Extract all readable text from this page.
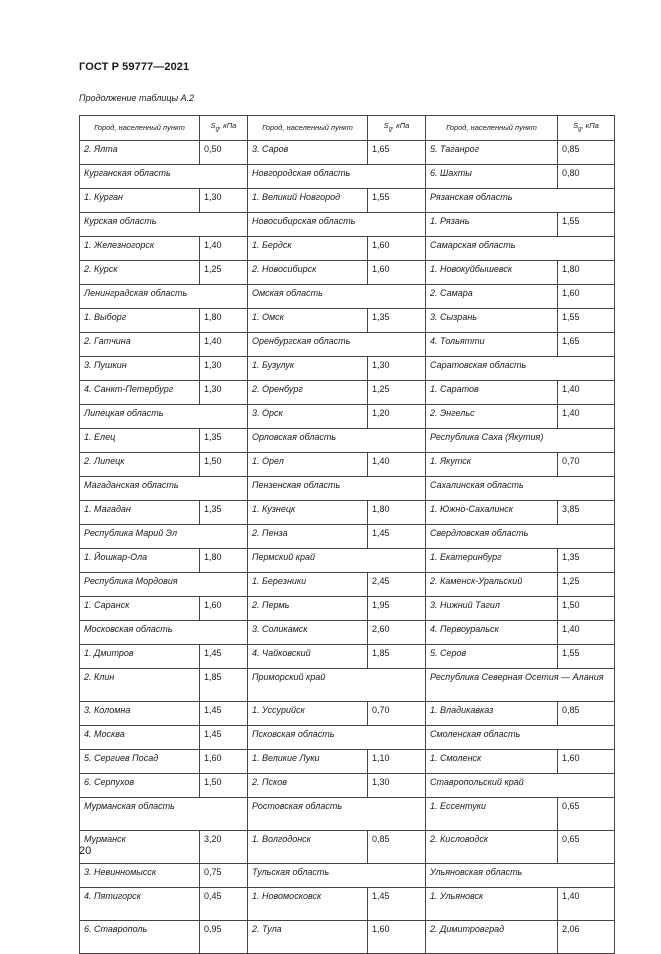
ГОСТ Р 59777—2021
Продолжение таблицы А.2
Город, населенный пункт	$S_g$, кПа	Город, населенный пункт	$S_g$, кПа	Город, населенный пункт	$S_g$, кПа
2. Ялта	0,50	3. Саров	1,65	5. Таганрог	0,85
Курганская область		Новгородская область		6. Шахты	0,80
1. Курган	1,30	1. Великий Новгород	1,55	Рязанская область	
Курская область		Новосибирская область		1. Рязань	1,55
1. Железногорск	1,40	1. Бердск	1,60	Самарская область	
2. Курск	1,25	2. Новосибирск	1,60	1. Новокуйбышевск	1,80
Ленинградская область		Омская область		2. Самара	1,60
1. Выборг	1,80	1. Омск	1,35	3. Сызрань	1,55
2. Гатчина	1,40	Оренбургская область		4. Тольятти	1,65
3. Пушкин	1,30	1. Бузулук	1,30	Саратовская область	
4. Санкт-Петербург	1,30	2. Оренбург	1,25	1. Саратов	1,40
Липецкая область		3. Орск	1,20	2. Энгельс	1,40
1. Елец	1,35	Орловская область		Республика Саха (Якутия)	
2. Липецк	1,50	1. Орел	1,40	1. Якутск	0,70
Магаданская область		Пензенская область		Сахалинская область	
1. Магадан	1,35	1. Кузнецк	1,80	1. Южно-Сахалинск	3,85
Республика Марий Эл		2. Пенза	1,45	Свердловская область	
1. Йошкар-Ола	1,80	Пермский край		1. Екатеринбург	1,35
Республика Мордовия		1. Березники	2,45	2. Каменск-Уральский	1,25
1. Саранск	1,60	2. Пермь	1,95	3. Нижний Тагил	1,50
Московская область		3. Соликамск	2,60	4. Первоуральск	1,40
1. Дмитров	1,45	4. Чайковский	1,85	5. Серов	1,55
2. Клин	1,85	Приморский край		Республика Северная Осетия — Алания	
3. Коломна	1,45	1. Уссурийск	0,70	1. Владикавказ	0,85
4. Москва	1,45	Псковская область		Смоленская область	
5. Сергиев Посад	1,60	1. Великие Луки	1,10	1. Смоленск	1,60
6. Серпухов	1,50	2. Псков	1,30	Ставропольский край	
Мурманская область		Ростовская область		1. Ессентуки	0,65
Мурманск	3,20	1. Волгодонск	0,85	2. Кисловодск	0,65
3. Невинномысск	0,75	Тульская область		Ульяновская область	
4. Пятигорск	0,45	1. Новомосковск	1,45	1. Ульяновск	1,40
6. Ставрополь	0,95	2. Тула	1,60	2. Димитровград	2,06
20
